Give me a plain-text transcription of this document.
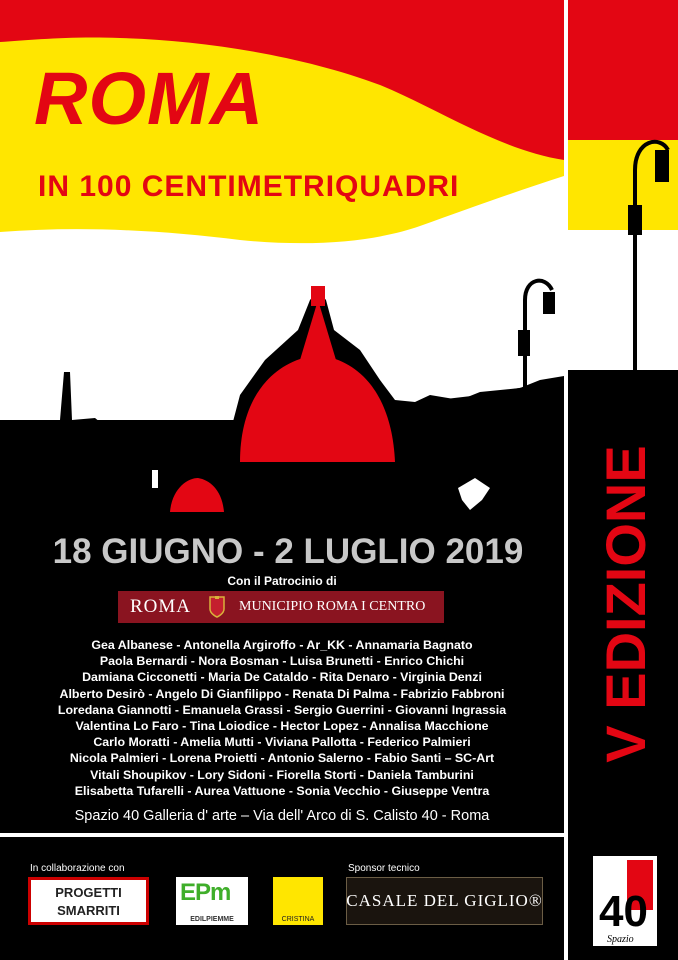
ROMA
IN 100 CENTIMETRIQUADRI
18 GIUGNO - 2 LUGLIO 2019
Con il Patrocinio di
ROMA	MUNICIPIO ROMA I CENTRO
Gea Albanese - Antonella Argiroffo - Ar_KK - Annamaria Bagnato
Paola Bernardi - Nora Bosman - Luisa Brunetti - Enrico Chichi
Damiana Cicconetti - Maria De Cataldo - Rita Denaro - Virginia Denzi
Alberto Desirò - Angelo Di Gianfilippo - Renata Di Palma - Fabrizio Fabbroni
Loredana Giannotti - Emanuela Grassi - Sergio Guerrini - Giovanni Ingrassia
Valentina Lo Faro - Tina Loiodice - Hector Lopez - Annalisa Macchione
Carlo Moratti - Amelia Mutti - Viviana Pallotta - Federico Palmieri
Nicola Palmieri - Lorena Proietti - Antonio Salerno - Fabio Santi – SC-Art
Vitali Shoupikov - Lory Sidoni - Fiorella Storti - Daniela Tamburini
Elisabetta Tufarelli - Aurea Vattuone - Sonia Vecchio - Giuseppe Ventra
Spazio 40 Galleria d' arte – Via dell' Arco di S. Calisto 40 - Roma
V EDIZIONE
In collaborazione con	Sponsor tecnico
PROGETTI
SMARRITI
EPm
EDILPIEMME	CRISTINA
CASALE DEL GIGLIO® 40
Spazio
